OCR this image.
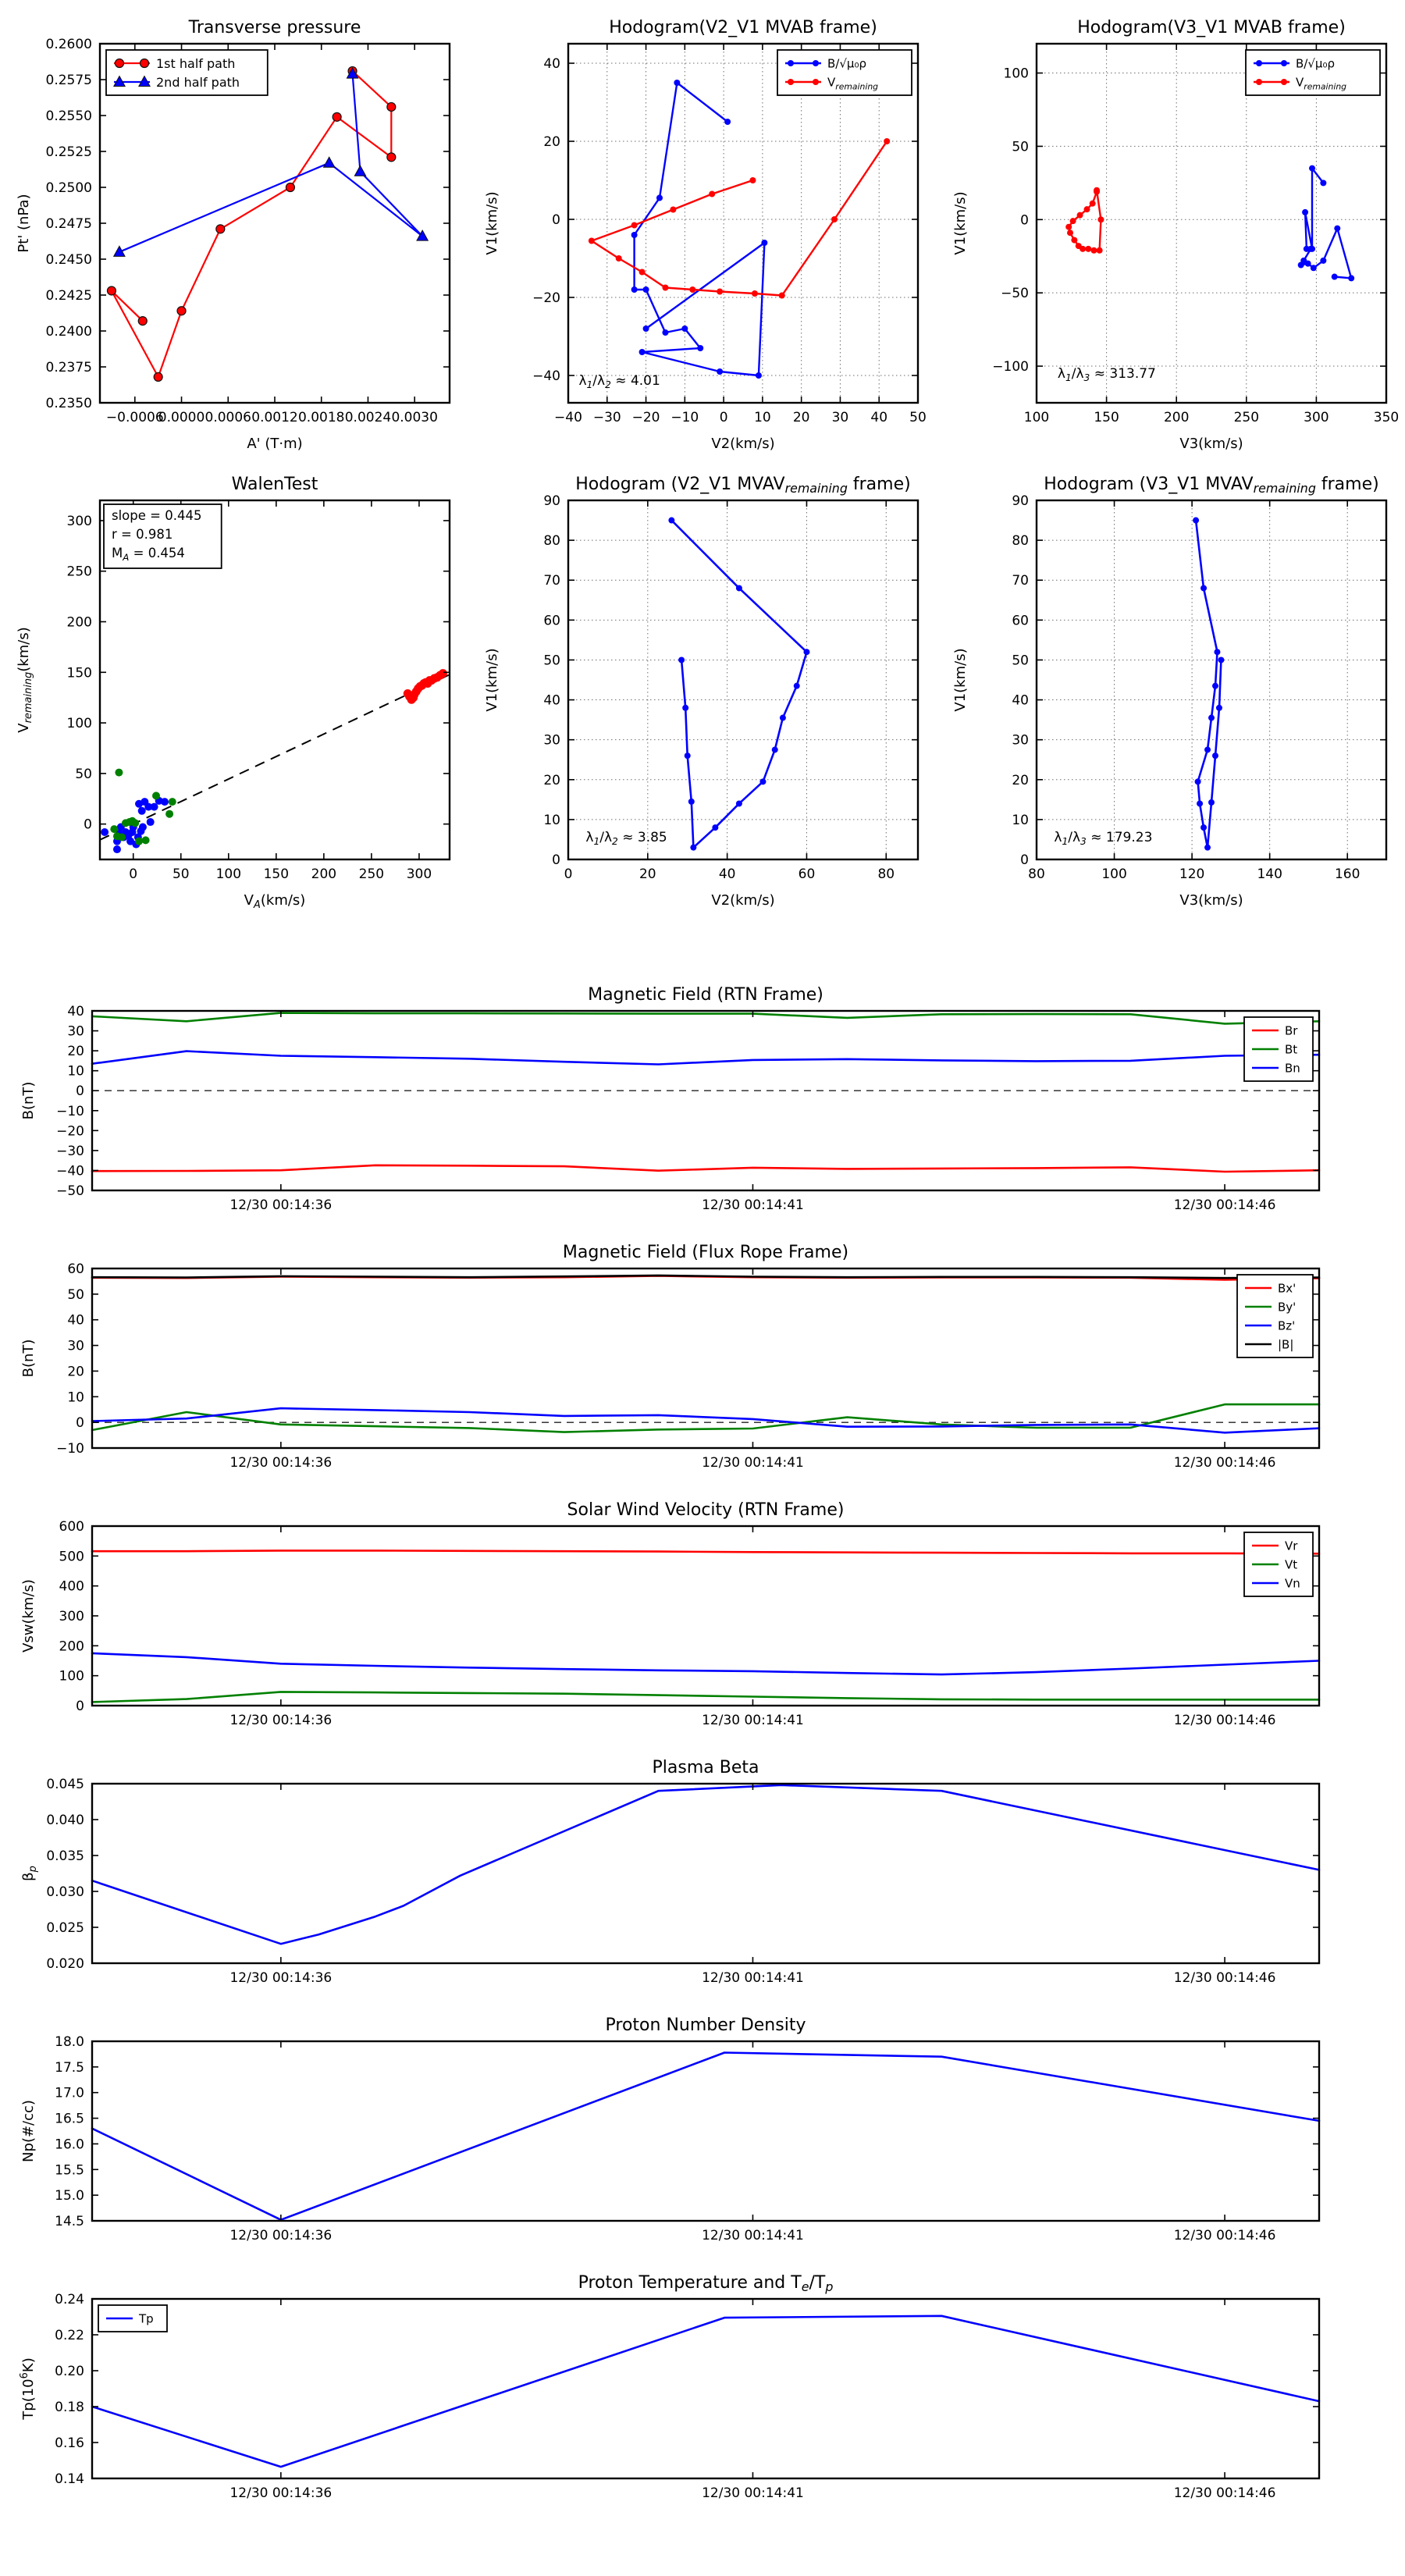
−0.0006
0.0000 0.0006 0.0012 0.0018 0.0024 0.0030
0.2350
0.2375
0.2400
0.2425
0.2450
0.2475
0.2500
0.2525
0.2550
0.2575
0.2600
Transverse pressure
A' (T·m)
Pt' (nPa)
1st half path
2nd half path
−40 −30 −20 −10 0 10 20 30 40 50
−40
−20
0
20
40
Hodogram(V2_V1 MVAB frame)
V2(km/s)
V1(km/s)
$\lambda_1/\lambda_2 \approx 4.01$
B/√μ₀ρ
$V_{remaining}$
100	150	200	250	300	350
−100
−50
0
50
100
Hodogram(V3_V1 MVAB frame)
V3(km/s)
V1(km/s)
$\lambda_1/\lambda_3 \approx 313.77$
B/√μ₀ρ
$V_{remaining}$
0	50 100 150 200 250 300
0
50
100
150
200
250
300
WalenTest
$V_A(km/s)$
$V_{remaining}(km/s)$
slope = 0.445
r = 0.981
$M_A = 0.454$
0	20	40	60	80
0
10
20
30
40
50
60
70
80
90
Hodogram (V2_V1 MVAVremaining frame)
V2(km/s)
V1(km/s)
$\lambda_1/\lambda_2 \approx 3.85$
80	100	120	140	160
0
10
20
30
40
50
60
70
80
90
Hodogram (V3_V1 MVAVremaining frame)
V3(km/s)
V1(km/s)
$\lambda_1/\lambda_3 \approx 179.23$
12/30 00:14:36	12/30 00:14:41	12/30 00:14:46
−50
−40
−30
−20
−10
0
10
20
30
40
Magnetic Field (RTN Frame)
B(nT)
Br
Bt
Bn
12/30 00:14:36	12/30 00:14:41	12/30 00:14:46
−10
0
10
20
30
40
50
60
Magnetic Field (Flux Rope Frame)
B(nT)
Bx'
By'
Bz'
|B|
12/30 00:14:36	12/30 00:14:41	12/30 00:14:46
0
100
200
300
400
500
600
Solar Wind Velocity (RTN Frame)
Vsw(km/s)
Vr
Vt
Vn
12/30 00:14:36	12/30 00:14:41	12/30 00:14:46
0.020
0.025
0.030
0.035
0.040
0.045
Plasma Beta
$\beta_p$
12/30 00:14:36	12/30 00:14:41	12/30 00:14:46
14.5
15.0
15.5
16.0
16.5
17.0
17.5
18.0
Proton Number Density
Np(#/cc)
12/30 00:14:36	12/30 00:14:41	12/30 00:14:46
0.14
0.16
0.18
0.20
0.22
0.24
Proton Temperature and Te/Tp
$Tp(10^6K)$
Tp
